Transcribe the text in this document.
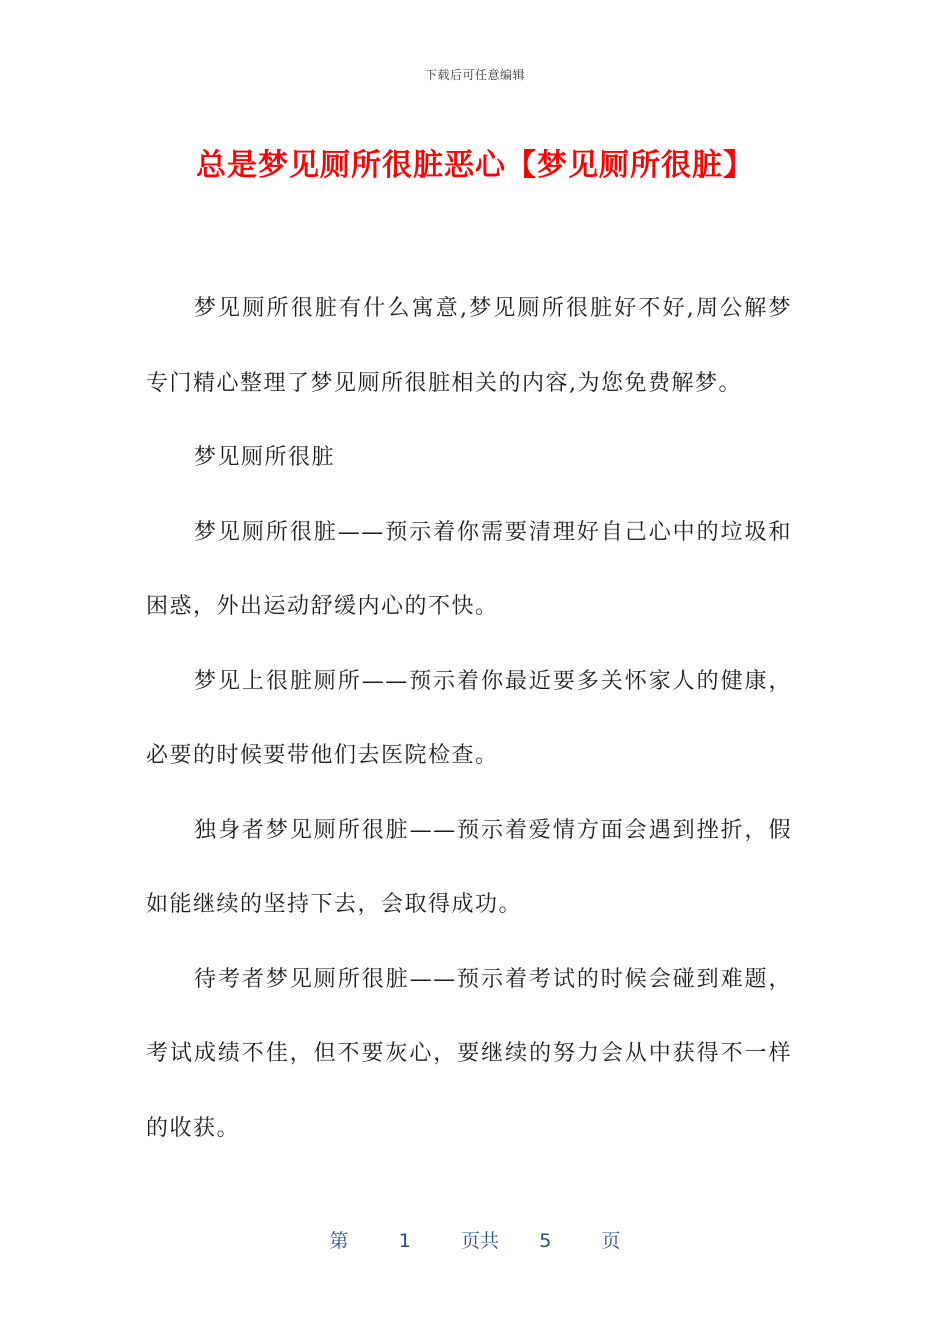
下载后可任意编辑
总是梦见厕所很脏恶心【梦见厕所很脏】

梦见厕所很脏有什么寓意,梦见厕所很脏好不好,周公解梦专门精心整理了梦见厕所很脏相关的内容,为您免费解梦。

梦见厕所很脏

梦见厕所很脏——预示着你需要清理好自己心中的垃圾和困惑，外出运动舒缓内心的不快。

梦见上很脏厕所——预示着你最近要多关怀家人的健康，必要的时候要带他们去医院检查。

独身者梦见厕所很脏——预示着爱情方面会遇到挫折，假如能继续的坚持下去，会取得成功。

待考者梦见厕所很脏——预示着考试的时候会碰到难题，考试成绩不佳，但不要灰心，要继续的努力会从中获得不一样的收获。

第	1	页共 5	页
